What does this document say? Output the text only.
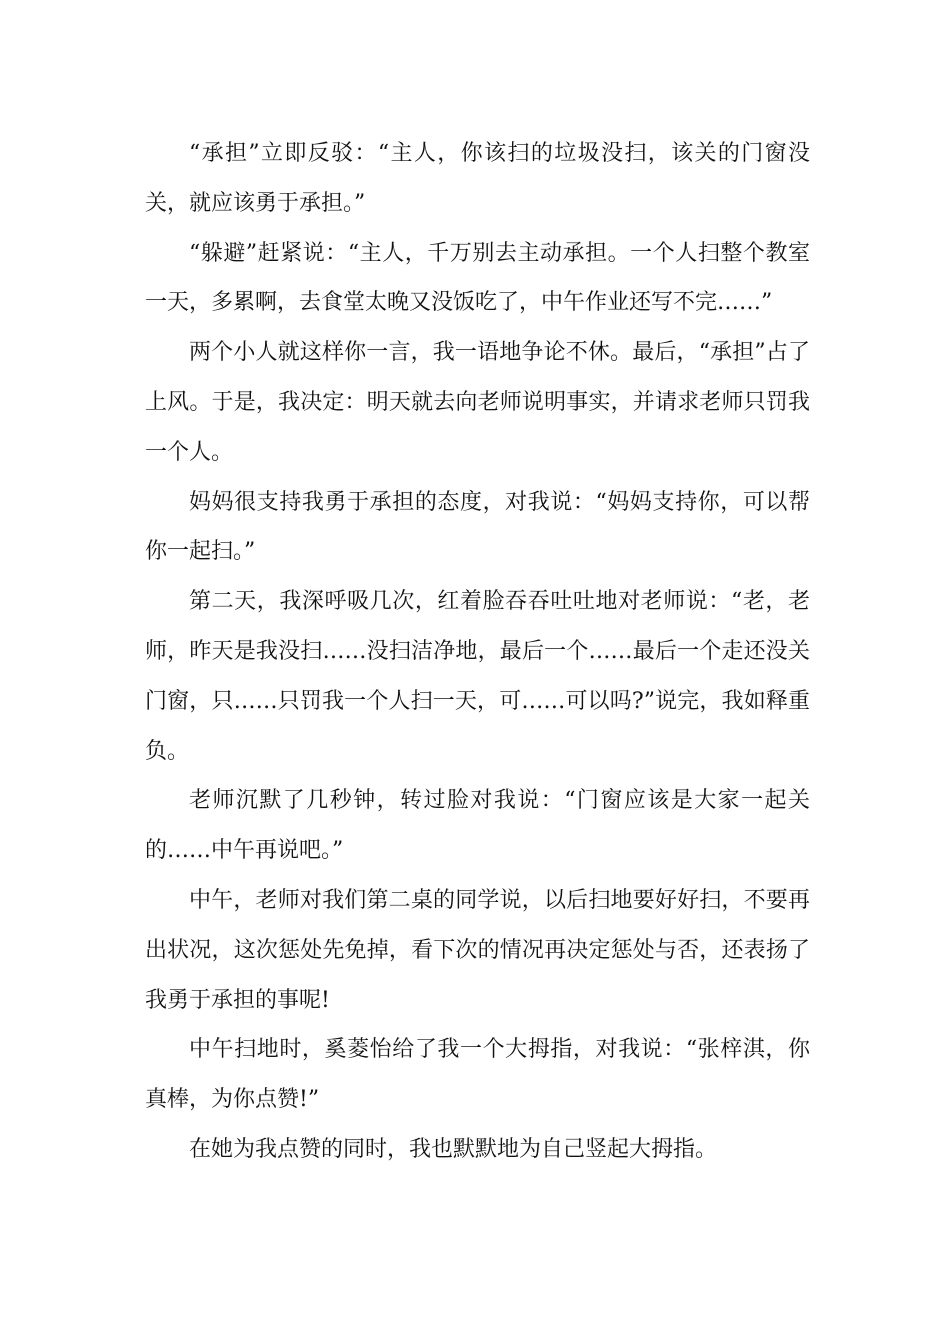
“承担”立即反驳：“主人，你该扫的垃圾没扫，该关的门窗没关，就应该勇于承担。”

“躲避”赶紧说：“主人，千万别去主动承担。一个人扫整个教室一天，多累啊，去食堂太晚又没饭吃了，中午作业还写不完……”

两个小人就这样你一言，我一语地争论不休。最后，“承担”占了上风。于是，我决定：明天就去向老师说明事实，并请求老师只罚我一个人。

妈妈很支持我勇于承担的态度，对我说：“妈妈支持你，可以帮你一起扫。”

第二天，我深呼吸几次，红着脸吞吞吐吐地对老师说：“老，老师，昨天是我没扫……没扫洁净地，最后一个……最后一个走还没关门窗，只……只罚我一个人扫一天，可……可以吗?”说完，我如释重负。

老师沉默了几秒钟，转过脸对我说：“门窗应该是大家一起关的……中午再说吧。”

中午，老师对我们第二桌的同学说，以后扫地要好好扫，不要再出状况，这次惩处先免掉，看下次的情况再决定惩处与否，还表扬了我勇于承担的事呢!

中午扫地时，奚菱怡给了我一个大拇指，对我说：“张梓淇，你真棒，为你点赞!”

在她为我点赞的同时，我也默默地为自己竖起大拇指。
